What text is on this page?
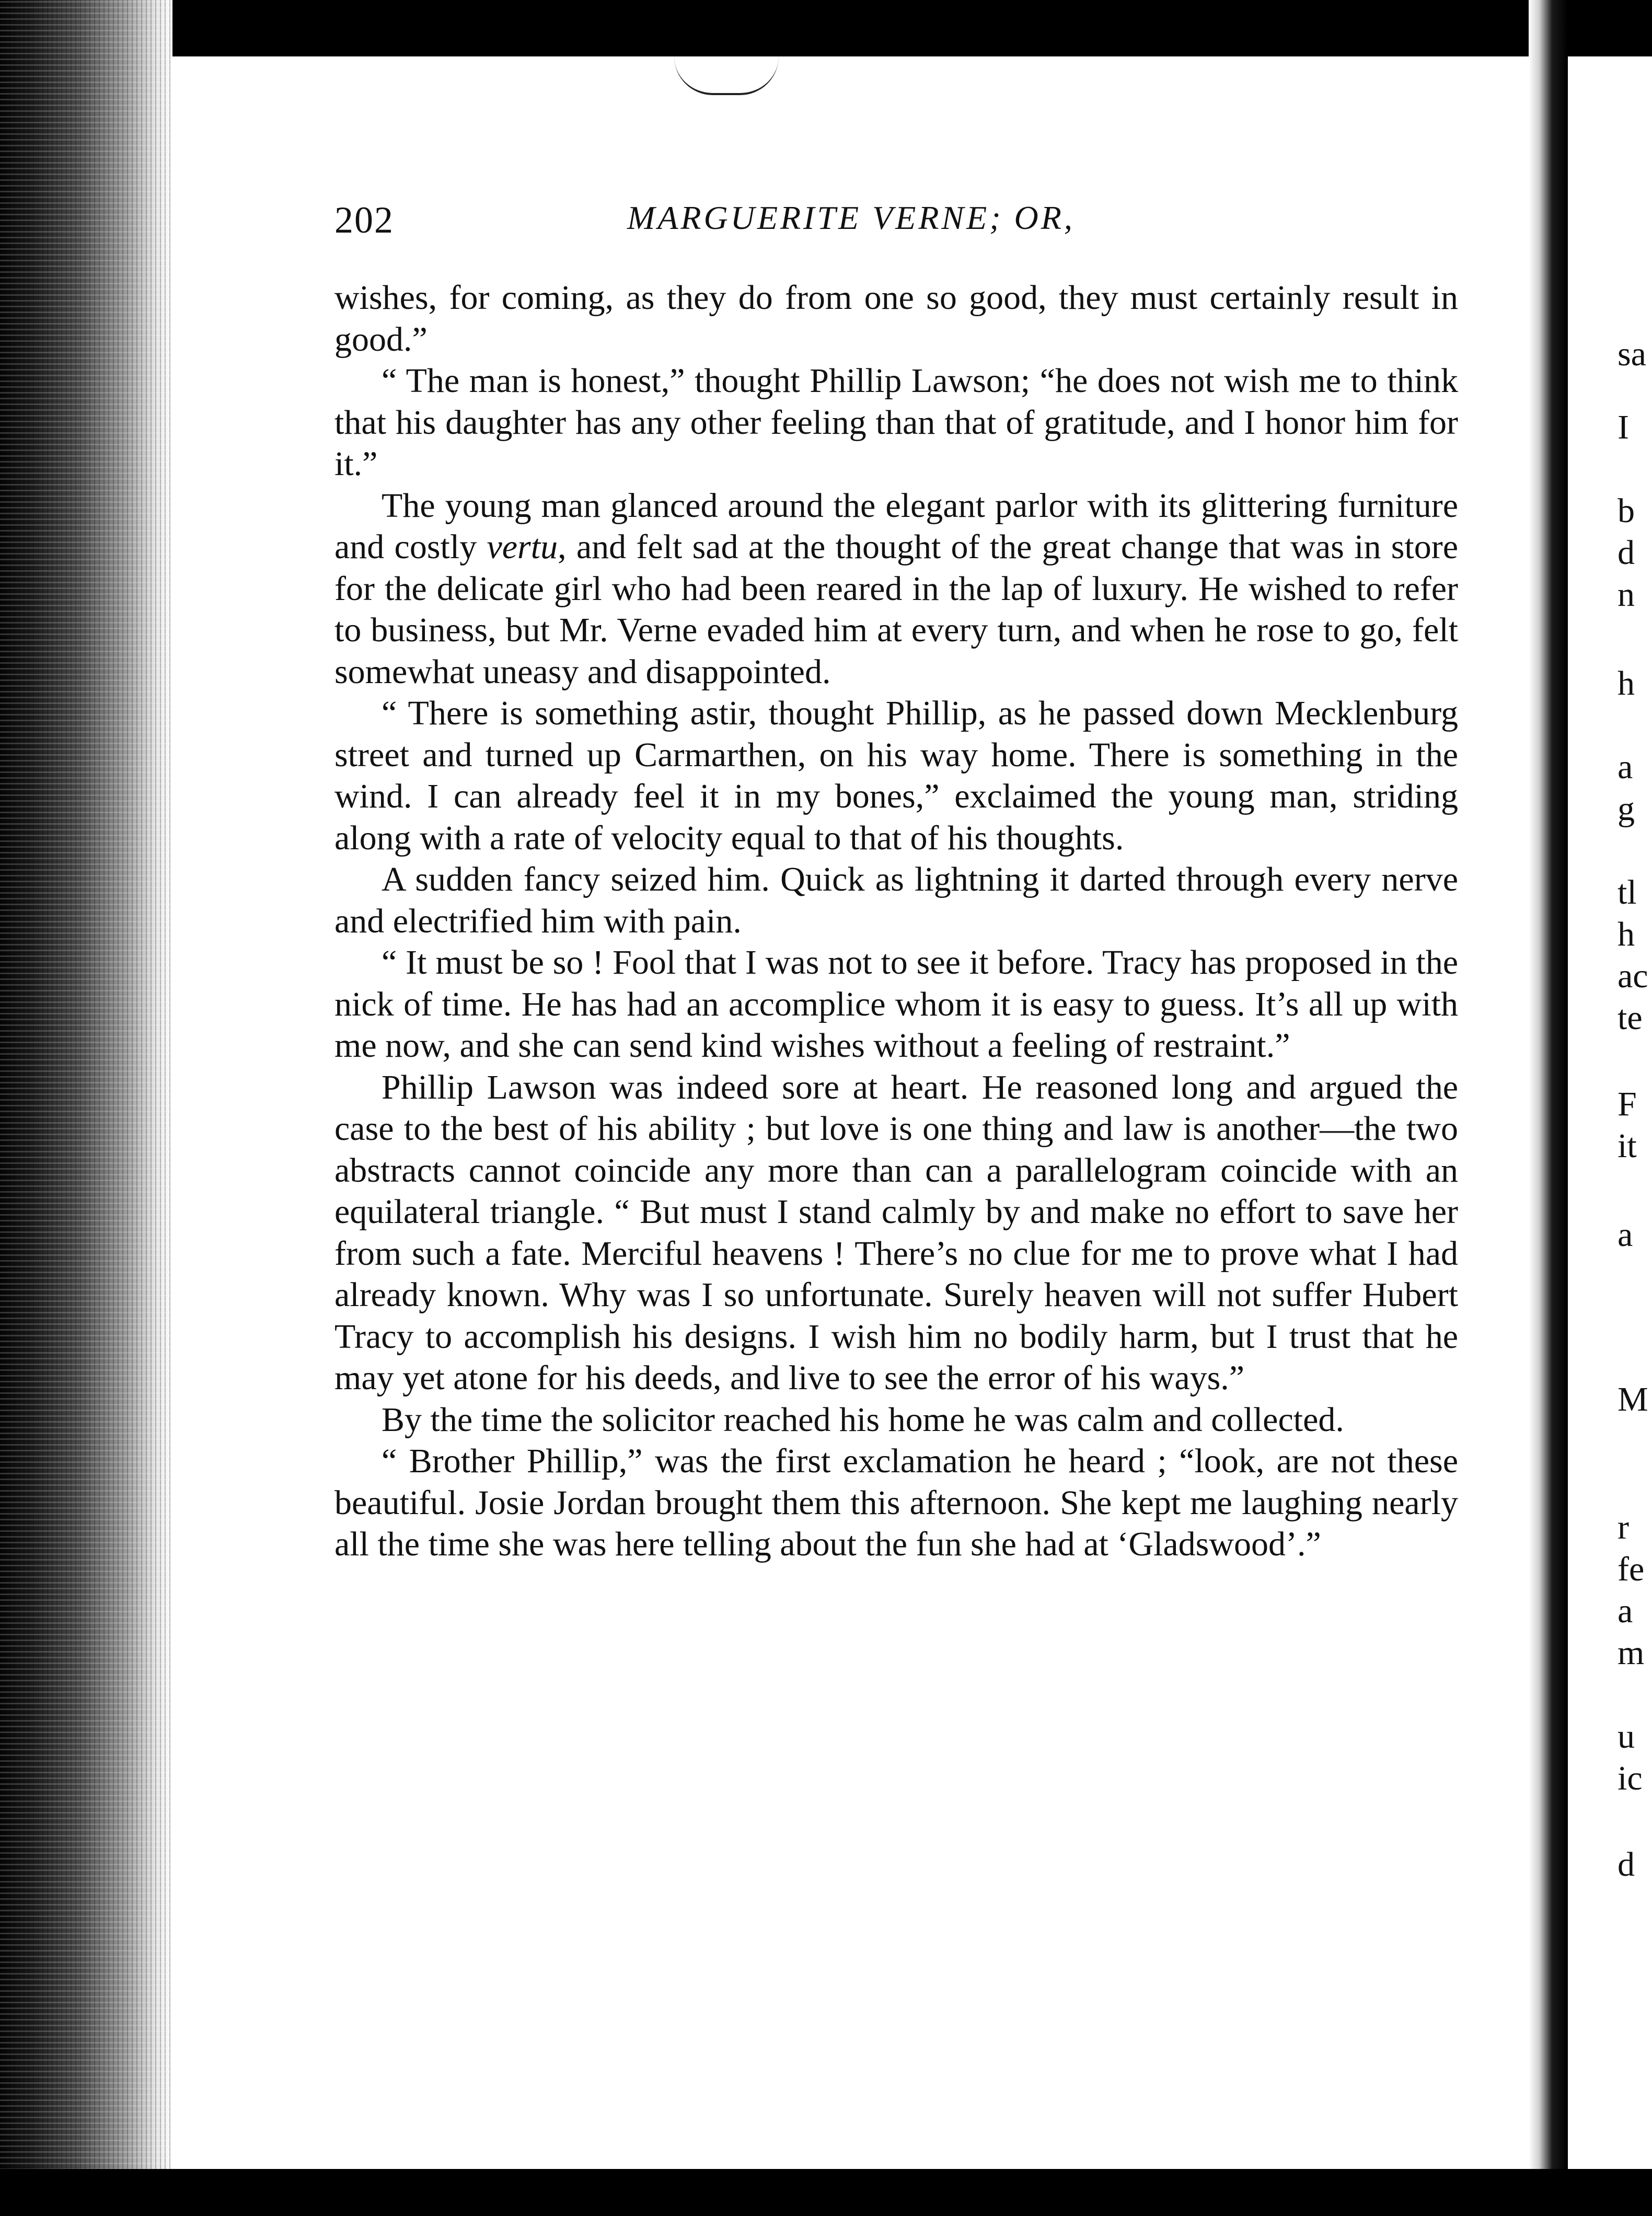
202	MARGUERITE VERNE; OR,

wishes, for coming, as they do from one so good, they must certainly result in good.”

“ The man is honest,” thought Phillip Lawson; “he does not wish me to think that his daughter has any other feeling than that of gratitude, and I honor him for it.”

The young man glanced around the elegant parlor with its glittering furniture and costly vertu, and felt sad at the thought of the great change that was in store for the delicate girl who had been reared in the lap of luxury. He wished to refer to business, but Mr. Verne evaded him at every turn, and when he rose to go, felt somewhat uneasy and disappointed.

“ There is something astir, thought Phillip, as he passed down Mecklenburg street and turned up Carmarthen, on his way home. There is something in the wind. I can already feel it in my bones,” exclaimed the young man, striding along with a rate of velocity equal to that of his thoughts.

A sudden fancy seized him. Quick as lightning it darted through every nerve and electrified him with pain.

“ It must be so ! Fool that I was not to see it before. Tracy has proposed in the nick of time. He has had an accomplice whom it is easy to guess. It’s all up with me now, and she can send kind wishes without a feeling of restraint.”

Phillip Lawson was indeed sore at heart. He reasoned long and argued the case to the best of his ability ; but love is one thing and law is another—the two abstracts cannot coincide any more than can a parallelogram coincide with an equilateral triangle. “ But must I stand calmly by and make no effort to save her from such a fate. Merciful heavens ! There’s no clue for me to prove what I had already known. Why was I so unfortunate. Surely heaven will not suffer Hubert Tracy to accomplish his designs. I wish him no bodily harm, but I trust that he may yet atone for his deeds, and live to see the error of his ways.”

By the time the solicitor reached his home he was calm and collected.

“ Brother Phillip,” was the first exclamation he heard ; “look, are not these beautiful. Josie Jordan brought them this afternoon. She kept me laughing nearly all the time she was here telling about the fun she had at ‘Gladswood’.”

sa
I
b
d
n
h
a
g
tl
h
ac
te
F
it
a
M
r
fe
a
m
u
ic
d
